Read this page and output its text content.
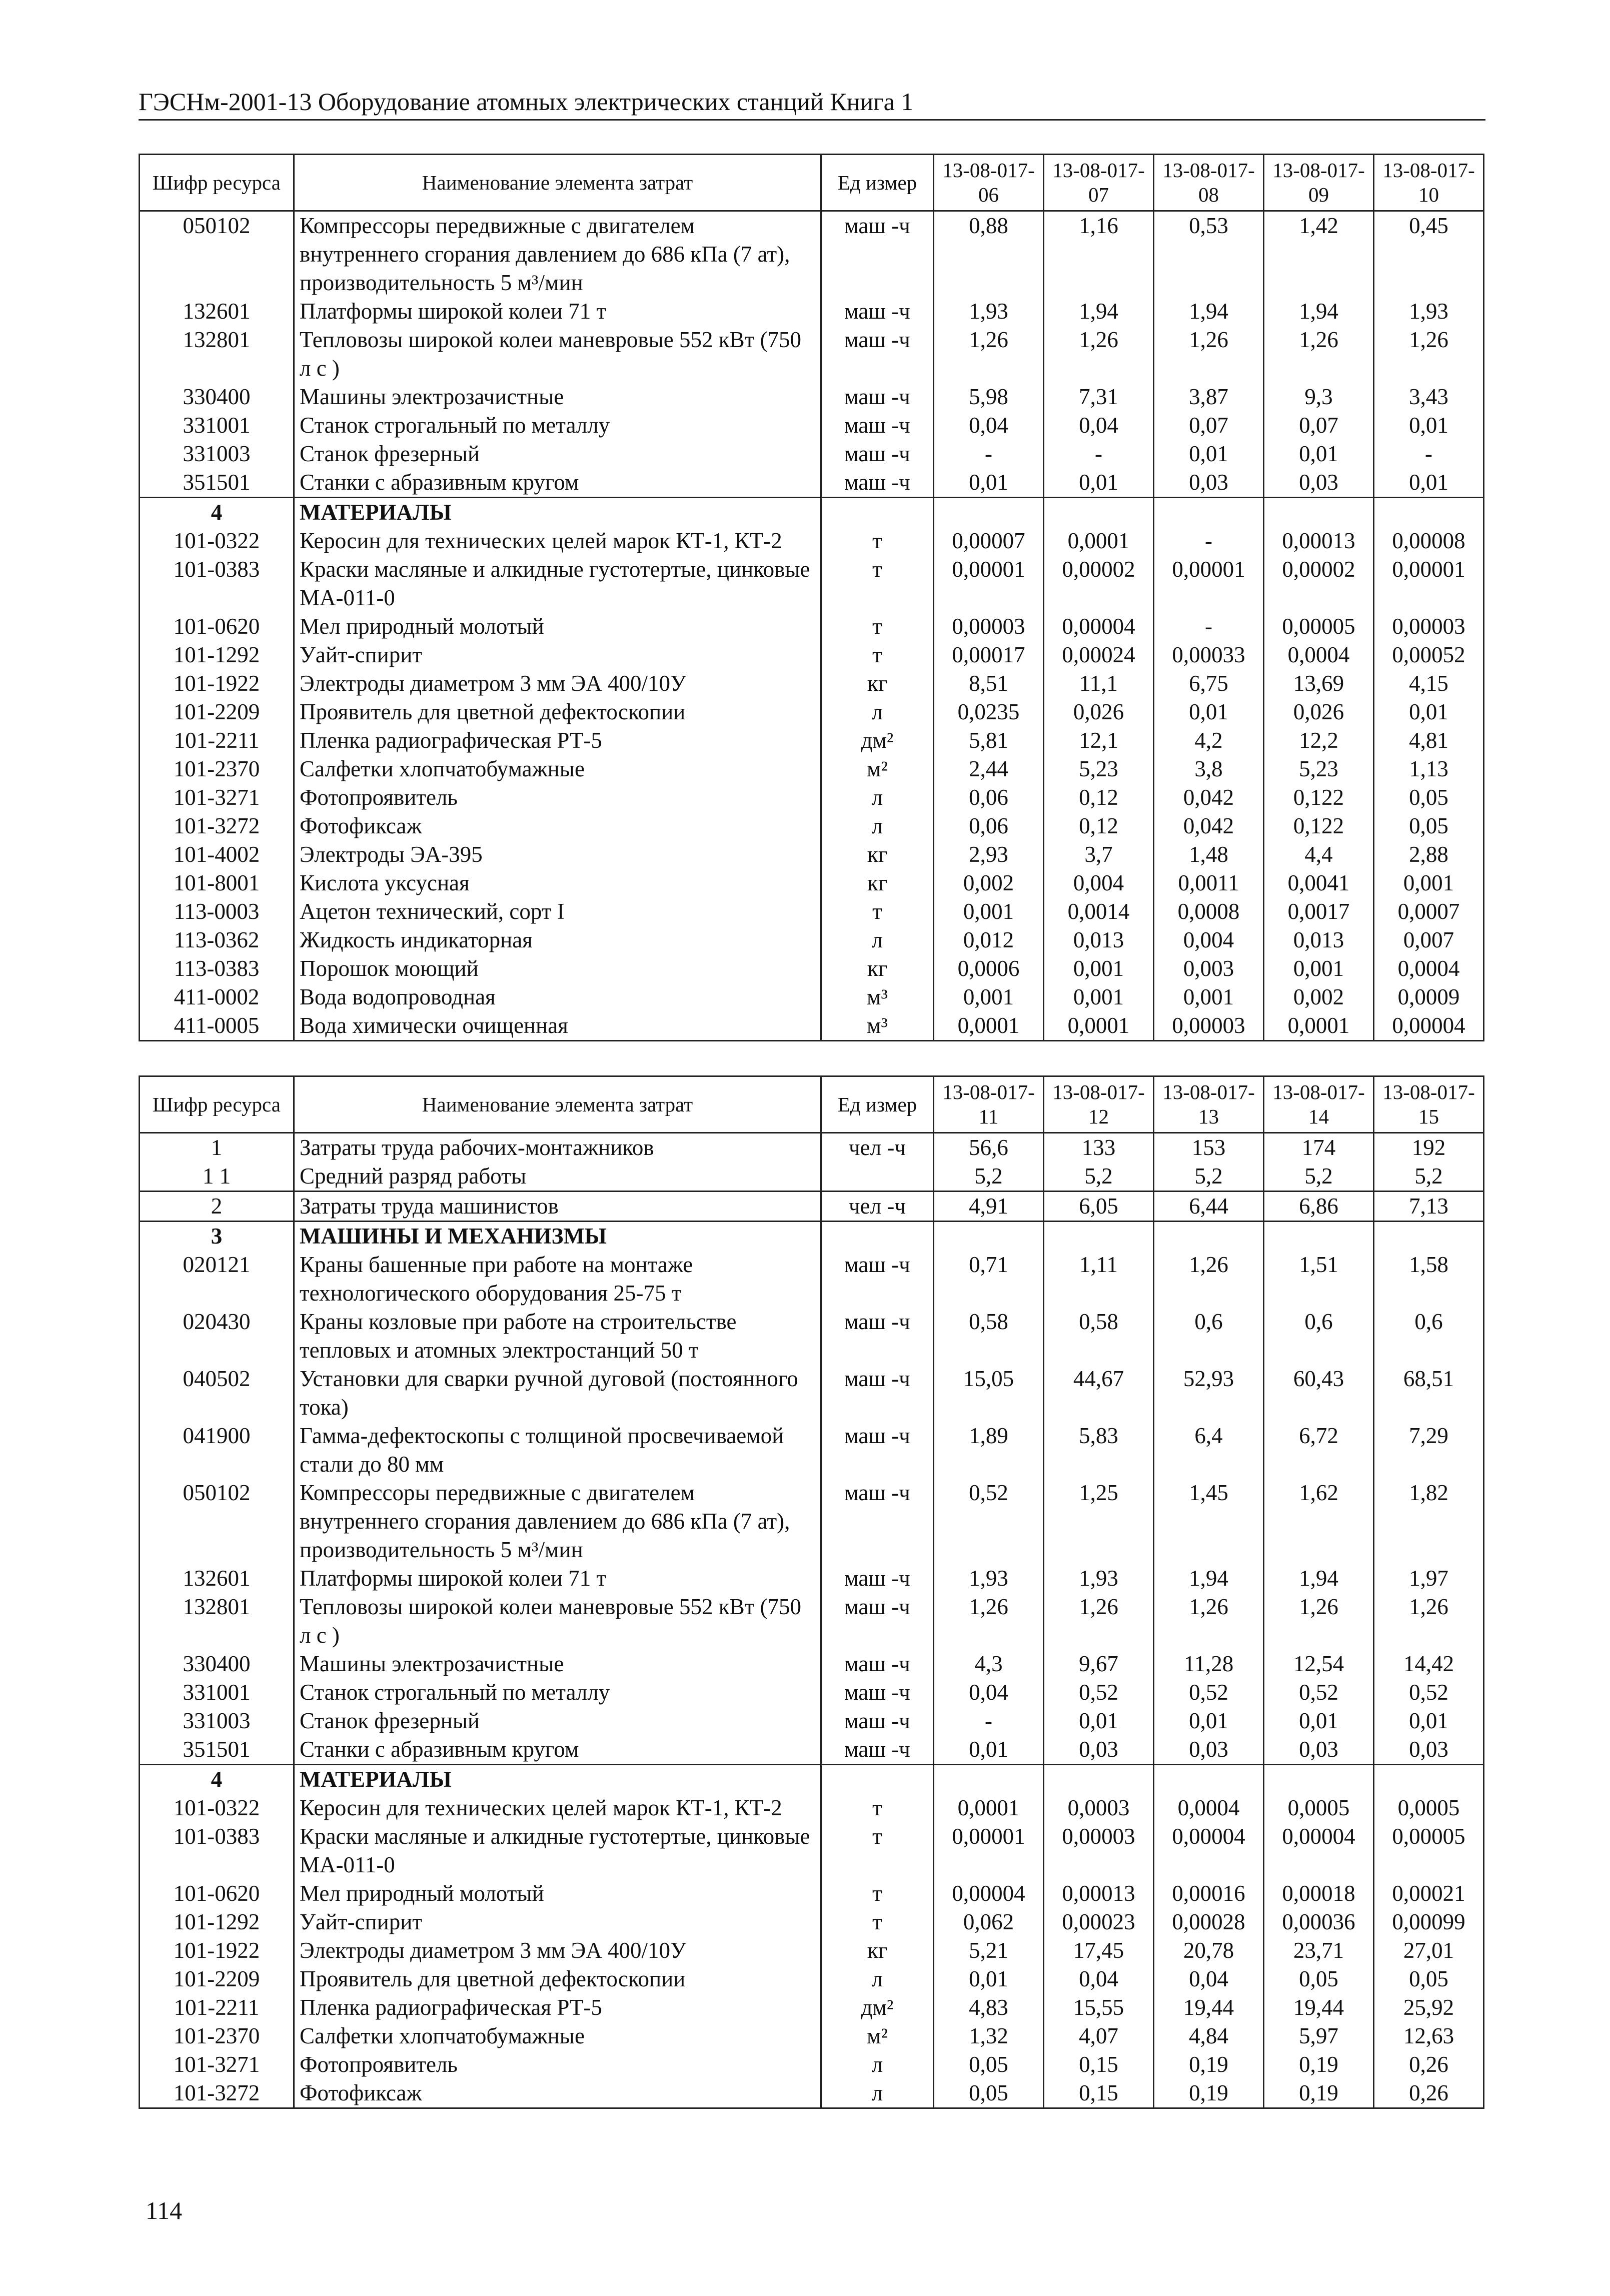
ГЭСНм-2001-13 Оборудование атомных электрических станций Книга 1
Шифр ресурса	Наименование элемента затрат	Ед измер	13-08-017-06	13-08-017-07	13-08-017-08	13-08-017-09	13-08-017-10
050102	Компрессоры передвижные с двигателем внутреннего сгорания давлением до 686 кПа (7 ат), производительность 5 м³/мин	маш -ч	0,88	1,16	0,53	1,42	0,45
132601	Платформы широкой колеи 71 т	маш -ч	1,93	1,94	1,94	1,94	1,93
132801	Тепловозы широкой колеи маневровые 552 кВт (750 л с )	маш -ч	1,26	1,26	1,26	1,26	1,26
330400	Машины электрозачистные	маш -ч	5,98	7,31	3,87	9,3	3,43
331001	Станок строгальный по металлу	маш -ч	0,04	0,04	0,07	0,07	0,01
331003	Станок фрезерный	маш -ч	-	-	0,01	0,01	-
351501	Станки с абразивным кругом	маш -ч	0,01	0,01	0,03	0,03	0,01
4	МАТЕРИАЛЫ						
101-0322	Керосин для технических целей марок КТ-1, КТ-2	т	0,00007	0,0001	-	0,00013	0,00008
101-0383	Краски масляные и алкидные густотертые, цинковые МА-011-0	т	0,00001	0,00002	0,00001	0,00002	0,00001
101-0620	Мел природный молотый	т	0,00003	0,00004	-	0,00005	0,00003
101-1292	Уайт-спирит	т	0,00017	0,00024	0,00033	0,0004	0,00052
101-1922	Электроды диаметром 3 мм ЭА 400/10У	кг	8,51	11,1	6,75	13,69	4,15
101-2209	Проявитель для цветной дефектоскопии	л	0,0235	0,026	0,01	0,026	0,01
101-2211	Пленка радиографическая РТ-5	дм²	5,81	12,1	4,2	12,2	4,81
101-2370	Салфетки хлопчатобумажные	м²	2,44	5,23	3,8	5,23	1,13
101-3271	Фотопроявитель	л	0,06	0,12	0,042	0,122	0,05
101-3272	Фотофиксаж	л	0,06	0,12	0,042	0,122	0,05
101-4002	Электроды ЭА-395	кг	2,93	3,7	1,48	4,4	2,88
101-8001	Кислота уксусная	кг	0,002	0,004	0,0011	0,0041	0,001
113-0003	Ацетон технический, сорт I	т	0,001	0,0014	0,0008	0,0017	0,0007
113-0362	Жидкость индикаторная	л	0,012	0,013	0,004	0,013	0,007
113-0383	Порошок моющий	кг	0,0006	0,001	0,003	0,001	0,0004
411-0002	Вода водопроводная	м³	0,001	0,001	0,001	0,002	0,0009
411-0005	Вода химически очищенная	м³	0,0001	0,0001	0,00003	0,0001	0,00004
Шифр ресурса	Наименование элемента затрат	Ед измер	13-08-017-11	13-08-017-12	13-08-017-13	13-08-017-14	13-08-017-15
1	Затраты труда рабочих-монтажников	чел -ч	56,6	133	153	174	192
1 1	Средний разряд работы		5,2	5,2	5,2	5,2	5,2
2	Затраты труда машинистов	чел -ч	4,91	6,05	6,44	6,86	7,13
3	МАШИНЫ И МЕХАНИЗМЫ						
020121	Краны башенные при работе на монтаже технологического оборудования 25-75 т	маш -ч	0,71	1,11	1,26	1,51	1,58
020430	Краны козловые при работе на строительстве тепловых и атомных электростанций 50 т	маш -ч	0,58	0,58	0,6	0,6	0,6
040502	Установки для сварки ручной дуговой (постоянного тока)	маш -ч	15,05	44,67	52,93	60,43	68,51
041900	Гамма-дефектоскопы с толщиной просвечиваемой стали до 80 мм	маш -ч	1,89	5,83	6,4	6,72	7,29
050102	Компрессоры передвижные с двигателем внутреннего сгорания давлением до 686 кПа (7 ат), производительность 5 м³/мин	маш -ч	0,52	1,25	1,45	1,62	1,82
132601	Платформы широкой колеи 71 т	маш -ч	1,93	1,93	1,94	1,94	1,97
132801	Тепловозы широкой колеи маневровые 552 кВт (750 л с )	маш -ч	1,26	1,26	1,26	1,26	1,26
330400	Машины электрозачистные	маш -ч	4,3	9,67	11,28	12,54	14,42
331001	Станок строгальный по металлу	маш -ч	0,04	0,52	0,52	0,52	0,52
331003	Станок фрезерный	маш -ч	-	0,01	0,01	0,01	0,01
351501	Станки с абразивным кругом	маш -ч	0,01	0,03	0,03	0,03	0,03
4	МАТЕРИАЛЫ						
101-0322	Керосин для технических целей марок КТ-1, КТ-2	т	0,0001	0,0003	0,0004	0,0005	0,0005
101-0383	Краски масляные и алкидные густотертые, цинковые МА-011-0	т	0,00001	0,00003	0,00004	0,00004	0,00005
101-0620	Мел природный молотый	т	0,00004	0,00013	0,00016	0,00018	0,00021
101-1292	Уайт-спирит	т	0,062	0,00023	0,00028	0,00036	0,00099
101-1922	Электроды диаметром 3 мм ЭА 400/10У	кг	5,21	17,45	20,78	23,71	27,01
101-2209	Проявитель для цветной дефектоскопии	л	0,01	0,04	0,04	0,05	0,05
101-2211	Пленка радиографическая РТ-5	дм²	4,83	15,55	19,44	19,44	25,92
101-2370	Салфетки хлопчатобумажные	м²	1,32	4,07	4,84	5,97	12,63
101-3271	Фотопроявитель	л	0,05	0,15	0,19	0,19	0,26
101-3272	Фотофиксаж	л	0,05	0,15	0,19	0,19	0,26
114
